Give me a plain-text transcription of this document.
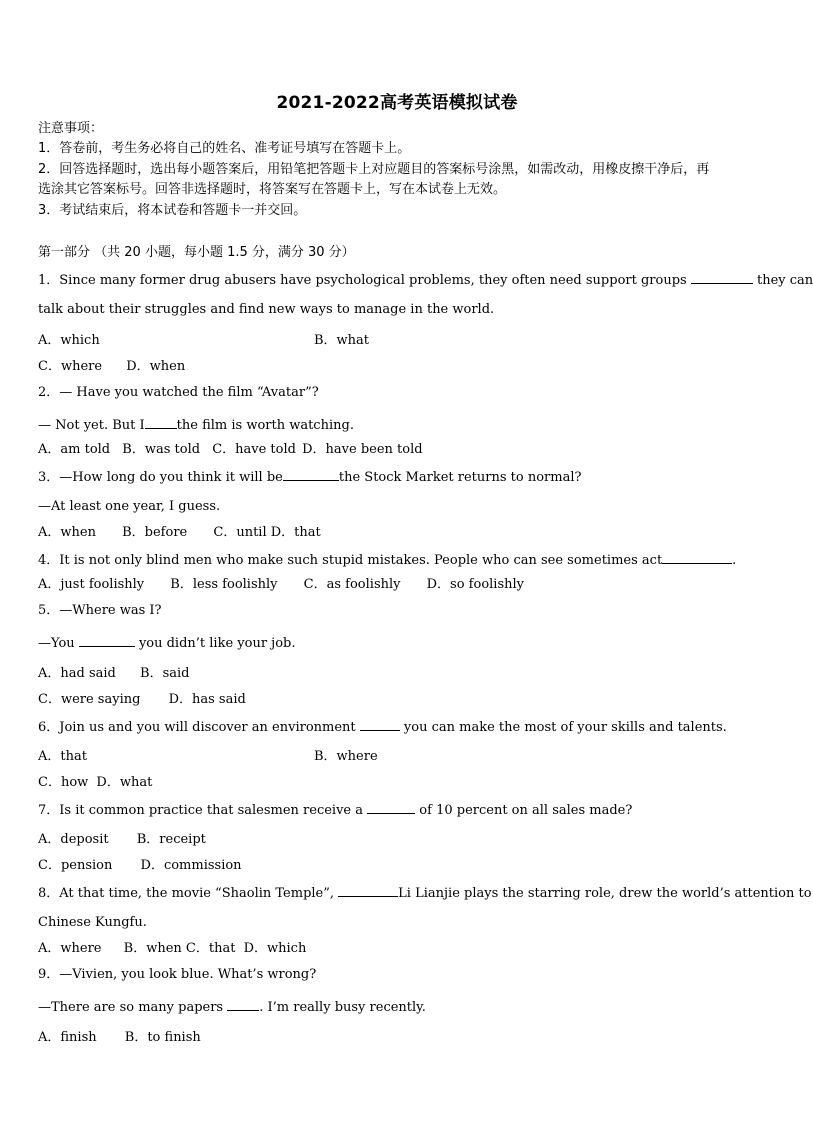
2021-2022高考英语模拟试卷
注意事项：
1．答卷前，考生务必将自己的姓名、准考证号填写在答题卡上。
2．回答选择题时，选出每小题答案后，用铅笔把答题卡上对应题目的答案标号涂黑，如需改动，用橡皮擦干净后，再
选涂其它答案标号。回答非选择题时，将答案写在答题卡上，写在本试卷上无效。
3．考试结束后，将本试卷和答题卡一并交回。
第一部分 （共 20 小题，每小题 1.5 分，满分 30 分）
1．Since many former drug abusers have psychological problems, they often need support groups	they can
talk about their struggles and find new ways to manage in the world.
A．which	B．what
C．where D．when
2．— Have you watched the film “Avatar”?
— Not yet. But I the film is worth watching.
A．am told B．was told C．have told D．have been told
3．—How long do you think it will be	the Stock Market returns to normal?
—At least one year, I guess.
A．when B．before C．until D．that
4．It is not only blind men who make such stupid mistakes. People who can see sometimes act	.
A．just foolishly B．less foolishly C．as foolishly D．so foolishly
5．—Where was I?
—You	you didn’t like your job.
A．had said B．said
C．were saying D．has said
6．Join us and you will discover an environment	you can make the most of your skills and talents.
A．that	B．where
C．how D．what
7．Is it common practice that salesmen receive a	of 10 percent on all sales made?
A．deposit B．receipt
C．pension D．commission
8．At that time, the movie “Shaolin Temple”,	Li Lianjie plays the starring role, drew the world’s attention to
Chinese Kungfu.
A．where B．when C．that D．which
9．—Vivien, you look blue. What’s wrong?
—There are so many papers	. I’m really busy recently.
A．finish B．to finish
